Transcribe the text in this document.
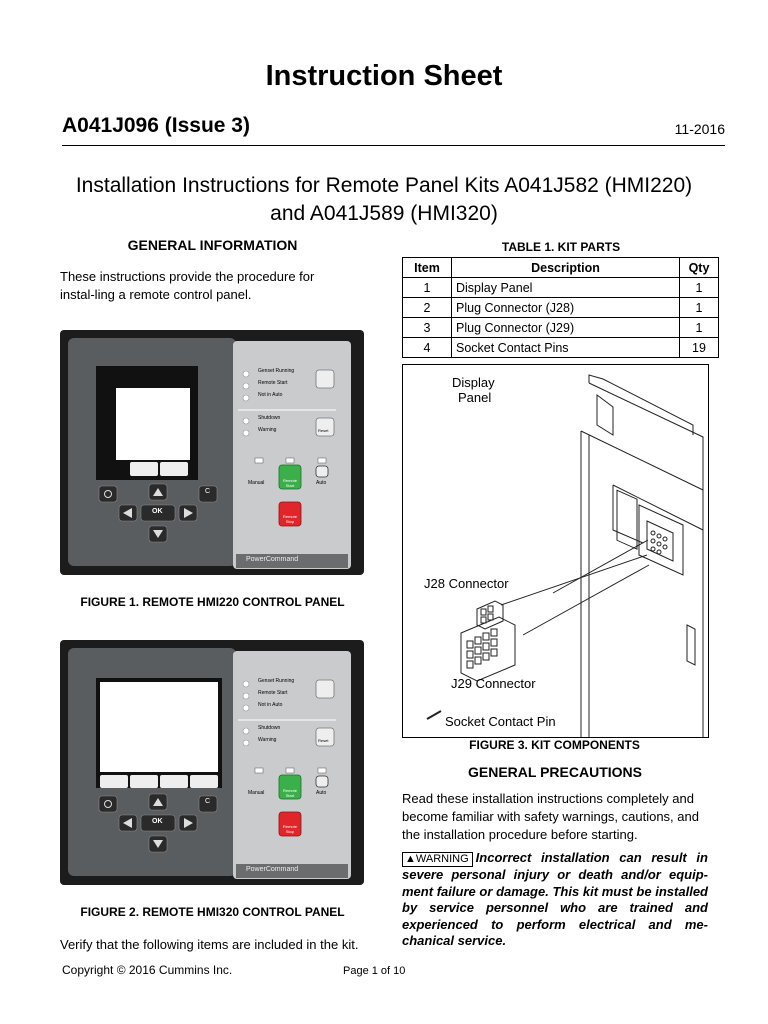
Instruction Sheet
A041J096 (Issue 3)	11-2016
Installation Instructions for Remote Panel Kits A041J582 (HMI220)
and A041J589 (HMI320)
GENERAL INFORMATION
These instructions provide the procedure for instal-ling a remote control panel.
Genset Running
Remote Start
Not in Auto
Shutdown
Warning	Reset
Manual	Auto
Remote Start
Remote Stop
OK
C
PowerCommand
FIGURE 1. REMOTE HMI220 CONTROL PANEL
Genset Running
Remote Start
Not in Auto
Shutdown
Warning	Reset
Manual	Auto
Remote Start
Remote Stop
OK
C
PowerCommand
FIGURE 2. REMOTE HMI320 CONTROL PANEL
Verify that the following items are included in the kit.
TABLE 1. KIT PARTS
Item	Description	Qty
1	Display Panel	1
2	Plug Connector (J28)	1
3	Plug Connector (J29)	1
4	Socket Contact Pins	19
Display
Panel
J28 Connector
J29 Connector
Socket Contact Pin
FIGURE 3. KIT COMPONENTS
GENERAL PRECAUTIONS
Read these installation instructions completely and become familiar with safety warnings, cautions, and the installation procedure before starting.
▲WARNING Incorrect installation can result in severe personal injury or death and/or equip-ment failure or damage. This kit must be installed by service personnel who are trained and experienced to perform electrical and me-chanical service.
Copyright © 2016 Cummins Inc.	Page 1 of 10
